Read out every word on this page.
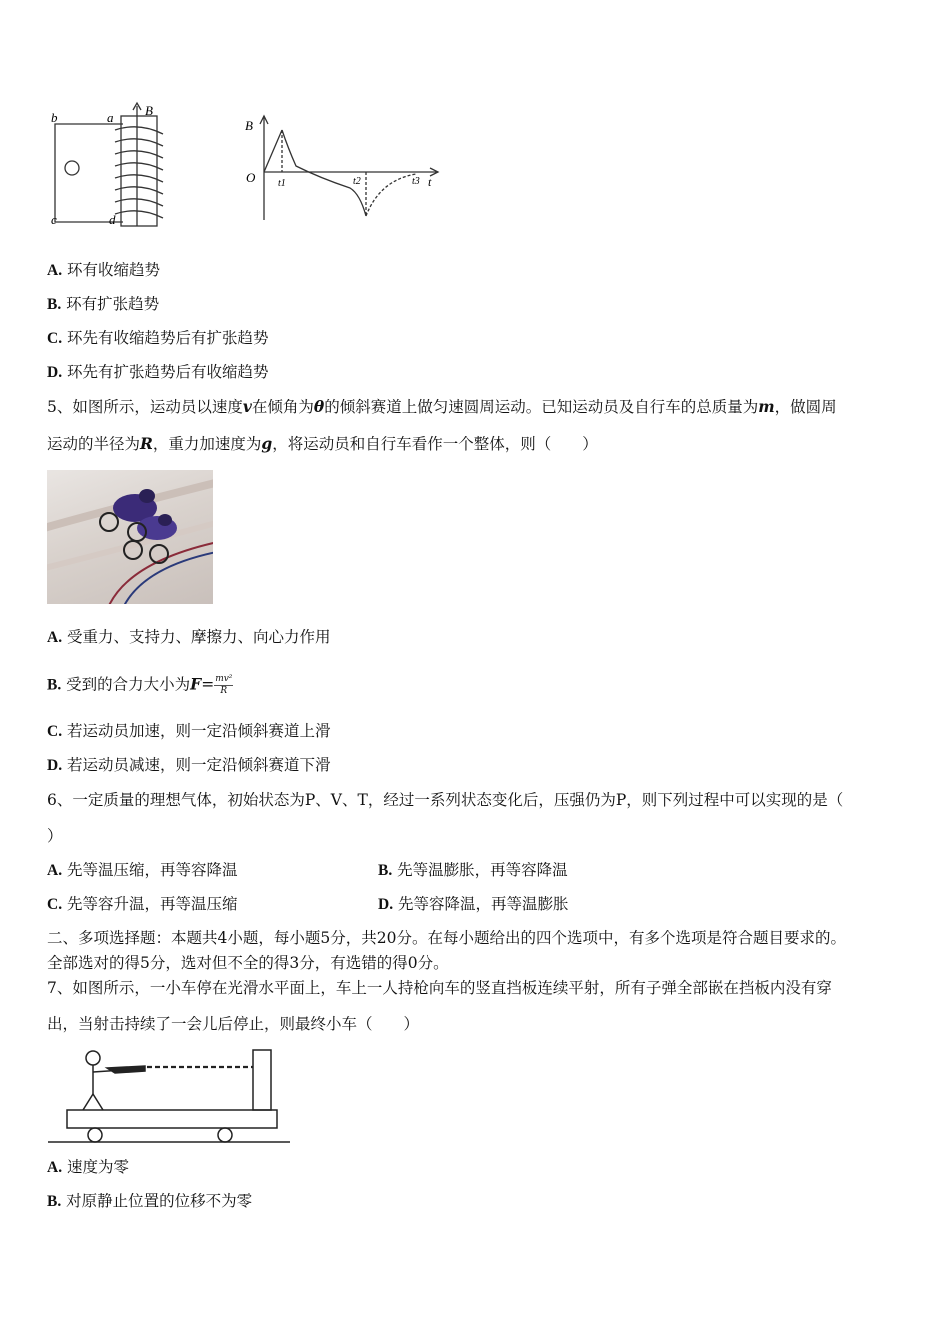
b	a B
c	d
B
O t1	t2	t3 t
A. 环有收缩趋势
B. 环有扩张趋势
C. 环先有收缩趋势后有扩张趋势
D. 环先有扩张趋势后有收缩趋势
5、如图所示，运动员以速度v在倾角为θ的倾斜赛道上做匀速圆周运动。已知运动员及自行车的总质量为m，做圆周
运动的半径为R，重力加速度为g，将运动员和自行车看作一个整体，则（　　）
A. 受重力、支持力、摩擦力、向心力作用
B. 受到的合力大小为$F= \frac{\text{mv²}}{R}$
C. 若运动员加速，则一定沿倾斜赛道上滑
D. 若运动员减速，则一定沿倾斜赛道下滑
6、一定质量的理想气体，初始状态为P、V、T，经过一系列状态变化后，压强仍为P，则下列过程中可以实现的是（
）
A. 先等温压缩，再等容降温	B. 先等温膨胀，再等容降温
C. 先等容升温，再等温压缩	D. 先等容降温，再等温膨胀
二、多项选择题：本题共4小题，每小题5分，共20分。在每小题给出的四个选项中，有多个选项是符合题目要求的。
全部选对的得5分，选对但不全的得3分，有选错的得0分。
7、如图所示，一小车停在光滑水平面上，车上一人持枪向车的竖直挡板连续平射，所有子弹全部嵌在挡板内没有穿
出，当射击持续了一会儿后停止，则最终小车（　　）
A. 速度为零
B. 对原静止位置的位移不为零
